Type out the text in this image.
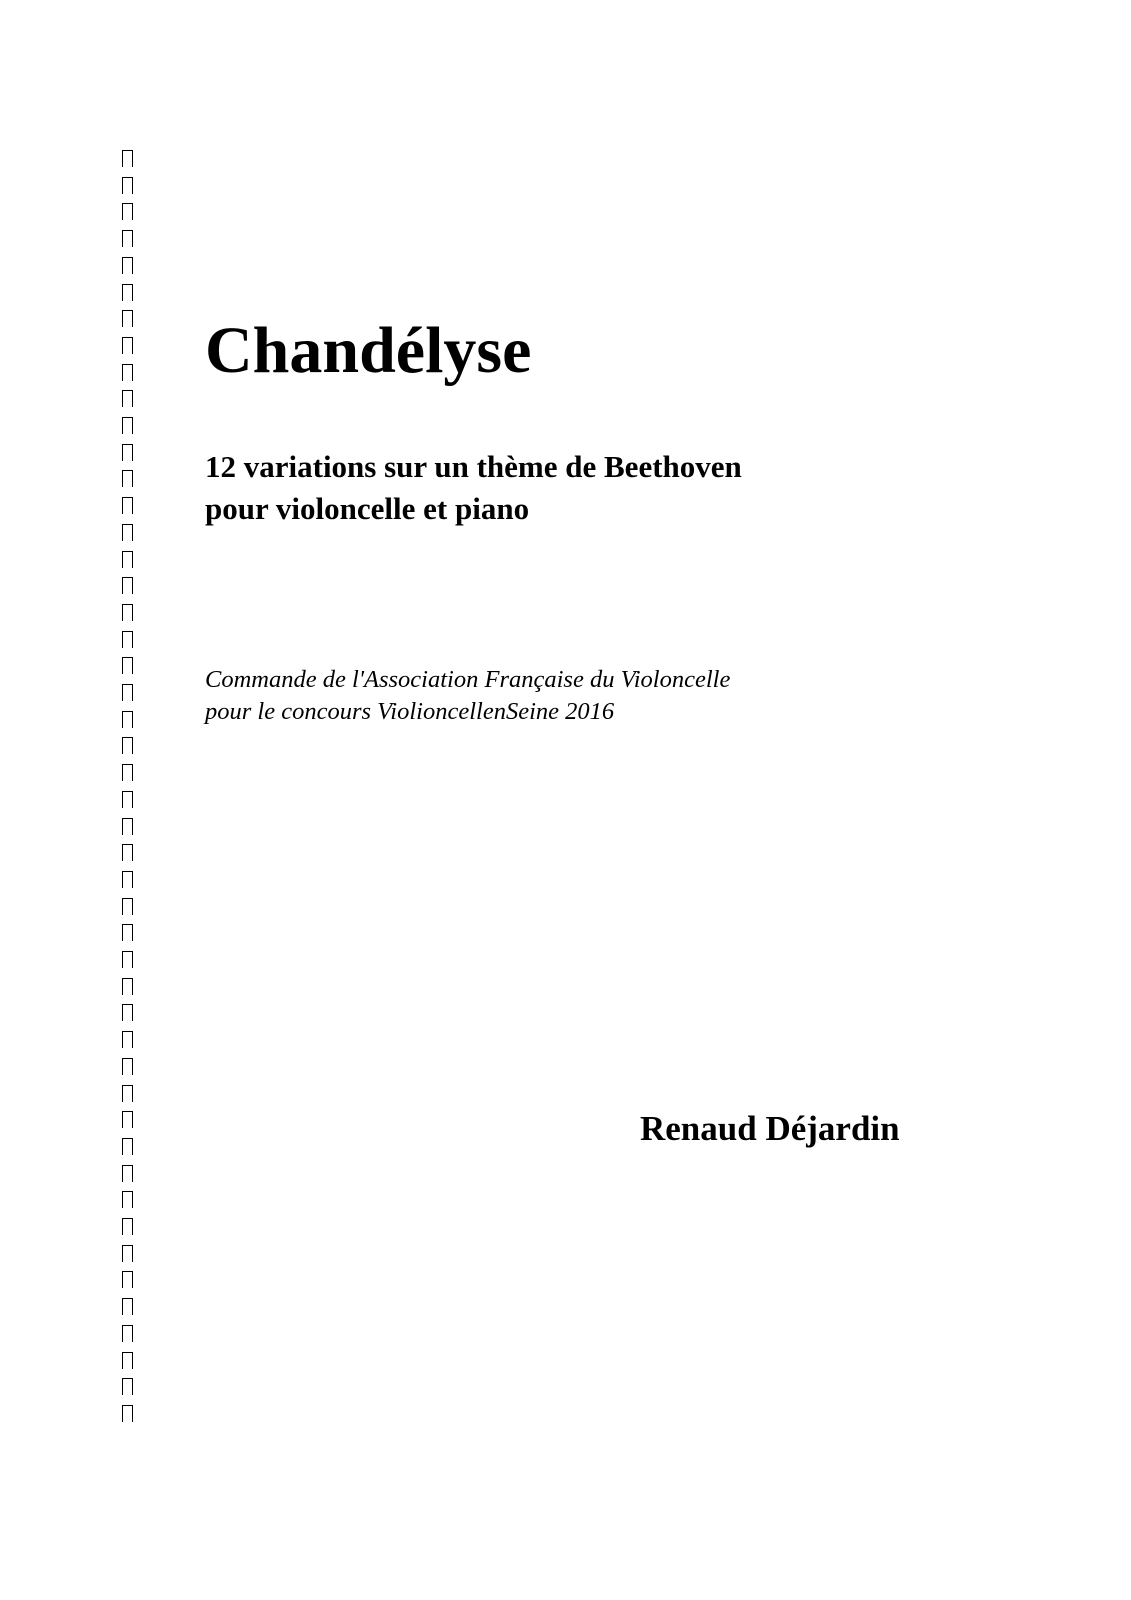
Chandélyse
12 variations sur un thème de Beethoven
pour violoncelle et piano
Commande de l'Association Française du Violoncelle
pour le concours ViolioncellenSeine 2016
Renaud Déjardin
